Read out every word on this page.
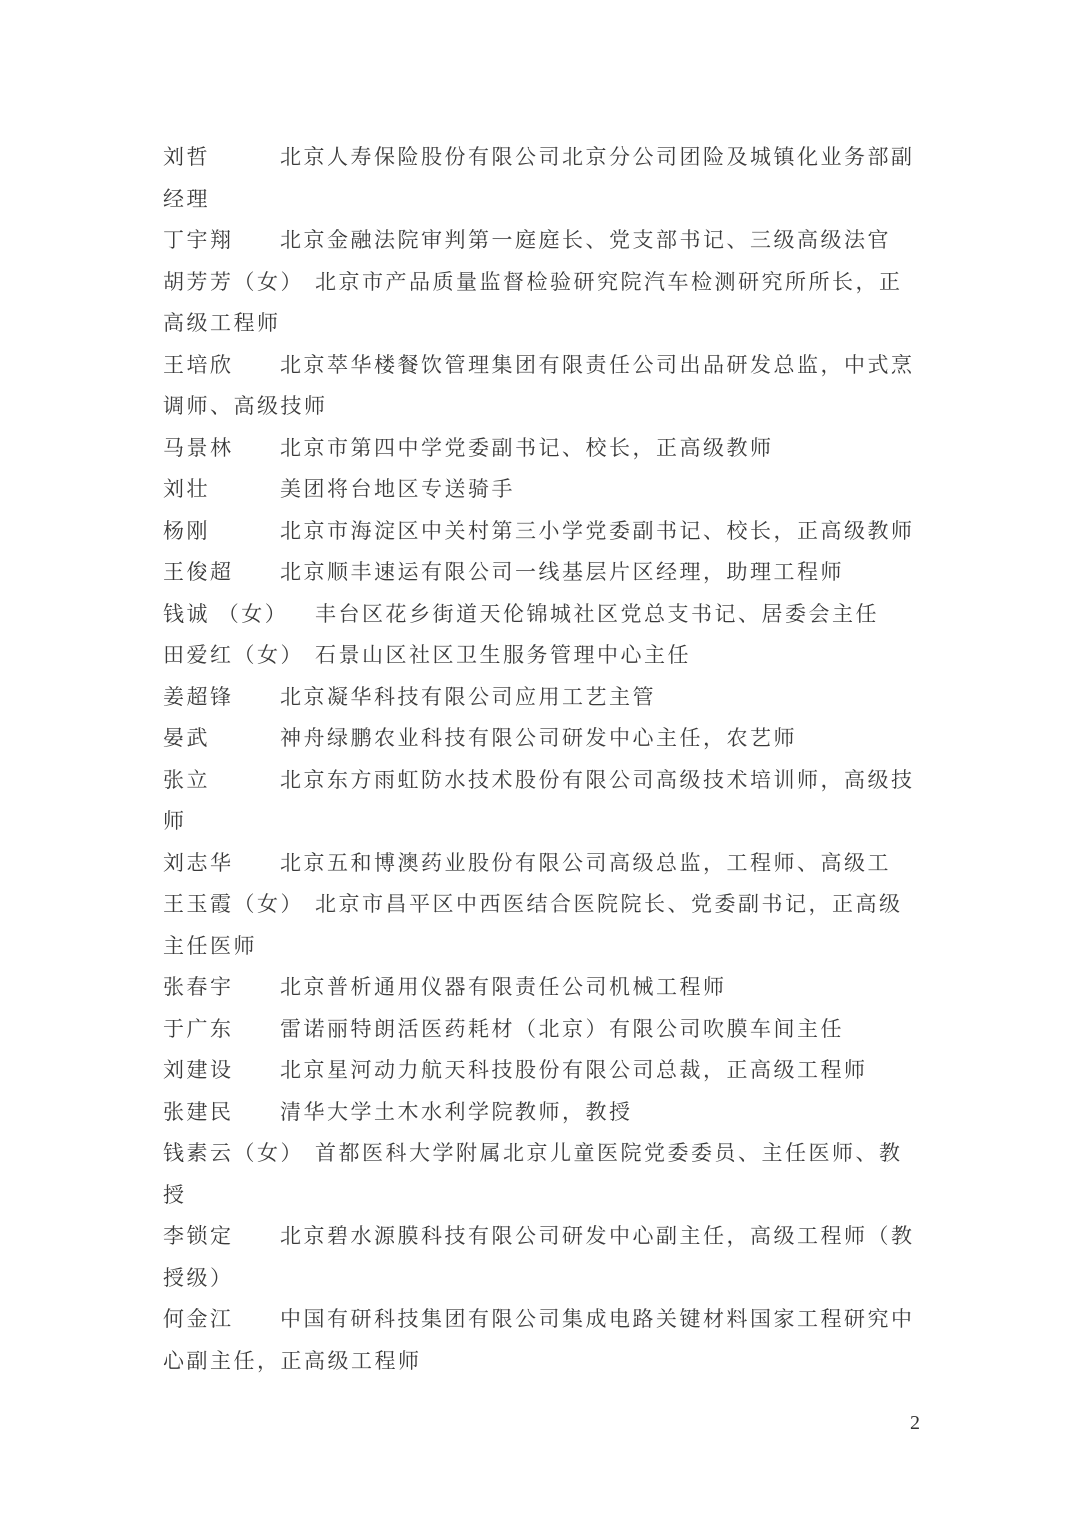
刘哲	北京人寿保险股份有限公司北京分公司团险及城镇化业务部副经理

丁宇翔 北京金融法院审判第一庭庭长、党支部书记、三级高级法官

胡芳芳（女） 北京市产品质量监督检验研究院汽车检测研究所所长，正高级工程师

王培欣 北京萃华楼餐饮管理集团有限责任公司出品研发总监，中式烹调师、高级技师

马景林 北京市第四中学党委副书记、校长，正高级教师

刘壮	美团将台地区专送骑手

杨刚	北京市海淀区中关村第三小学党委副书记、校长，正高级教师

王俊超 北京顺丰速运有限公司一线基层片区经理，助理工程师

钱诚 （女） 丰台区花乡街道天伦锦城社区党总支书记、居委会主任

田爱红（女） 石景山区社区卫生服务管理中心主任

姜超锋 北京凝华科技有限公司应用工艺主管

晏武	神舟绿鹏农业科技有限公司研发中心主任，农艺师

张立	北京东方雨虹防水技术股份有限公司高级技术培训师，高级技师

刘志华 北京五和博澳药业股份有限公司高级总监，工程师、高级工

王玉霞（女） 北京市昌平区中西医结合医院院长、党委副书记，正高级主任医师

张春宇 北京普析通用仪器有限责任公司机械工程师

于广东 雷诺丽特朗活医药耗材（北京）有限公司吹膜车间主任

刘建设 北京星河动力航天科技股份有限公司总裁，正高级工程师

张建民 清华大学土木水利学院教师，教授

钱素云（女） 首都医科大学附属北京儿童医院党委委员、主任医师、教授

李锁定 北京碧水源膜科技有限公司研发中心副主任，高级工程师（教授级）

何金江 中国有研科技集团有限公司集成电路关键材料国家工程研究中心副主任，正高级工程师

2
